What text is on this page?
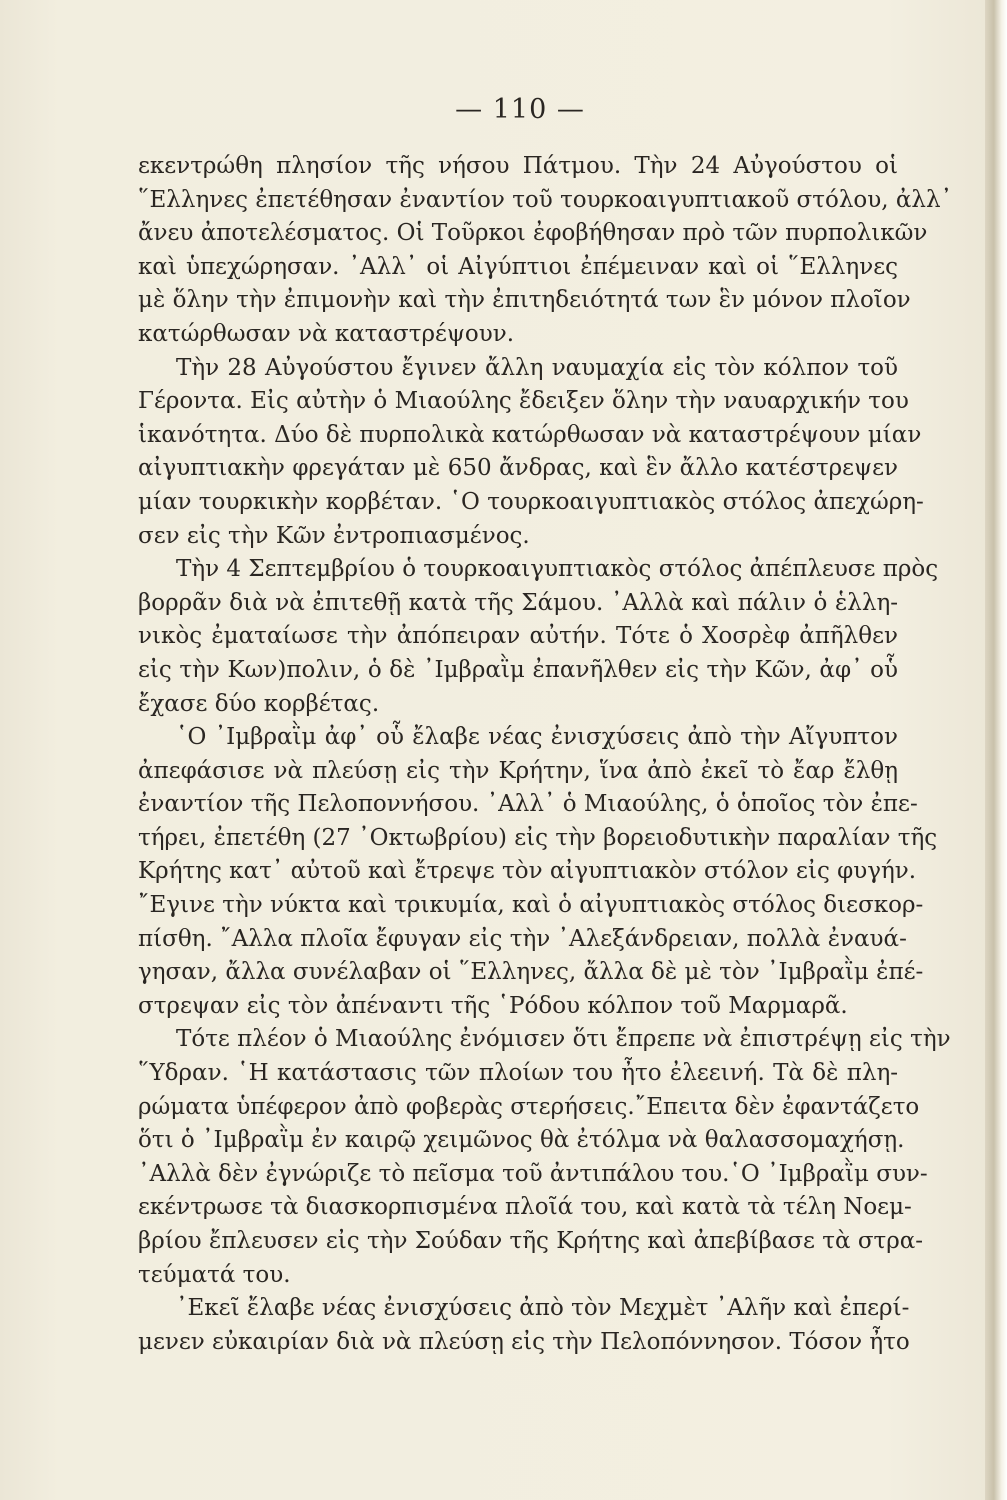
— 110 —
εκεντρώθη πλησίον τῆς νήσου Πάτμου. Τὴν 24 Αὐγούστου οἱ
῞Ελληνες ἐπετέθησαν ἐναντίον τοῦ τουρκοαιγυπτιακοῦ στόλου, ἀλλ᾽
ἄνευ ἀποτελέσματος. Οἱ Τοῦρκοι ἐφοβήθησαν πρὸ τῶν πυρπολικῶν
καὶ ὑπεχώρησαν. ᾽Αλλ᾽ οἱ Αἰγύπτιοι ἐπέμειναν καὶ οἱ ῞Ελληνες
μὲ ὅλην τὴν ἐπιμονὴν καὶ τὴν ἐπιτηδειότητά των ἓν μόνον πλοῖον
κατώρθωσαν νὰ καταστρέψουν.
Τὴν 28 Αὐγούστου ἔγινεν ἄλλη ναυμαχία εἰς τὸν κόλπον τοῦ
Γέροντα. Εἰς αὐτὴν ὁ Μιαούλης ἔδειξεν ὅλην τὴν ναυαρχικήν του
ἱκανότητα. Δύο δὲ πυρπολικὰ κατώρθωσαν νὰ καταστρέψουν μίαν
αἰγυπτιακὴν φρεγάταν μὲ 650 ἄνδρας, καὶ ἓν ἄλλο κατέστρεψεν
μίαν τουρκικὴν κορβέταν. ῾Ο τουρκοαιγυπτιακὸς στόλος ἀπεχώρη-
σεν εἰς τὴν Κῶν ἐντροπιασμένος.
Τὴν 4 Σεπτεμβρίου ὁ τουρκοαιγυπτιακὸς στόλος ἀπέπλευσε πρὸς
βορρᾶν διὰ νὰ ἐπιτεθῇ κατὰ τῆς Σάμου. ᾽Αλλὰ καὶ πάλιν ὁ ἑλλη-
νικὸς ἐματαίωσε τὴν ἀπόπειραν αὐτήν. Τότε ὁ Χοσρὲφ ἀπῆλθεν
εἰς τὴν Κων)πολιν, ὁ δὲ ᾽Ιμβραῒμ ἐπανῆλθεν εἰς τὴν Κῶν, ἀφ᾽ οὗ
ἔχασε δύο κορβέτας.
῾Ο ᾽Ιμβραῒμ ἀφ᾽ οὗ ἔλαβε νέας ἐνισχύσεις ἀπὸ τὴν Αἴγυπτον
ἀπεφάσισε νὰ πλεύσῃ εἰς τὴν Κρήτην, ἵνα ἀπὸ ἐκεῖ τὸ ἔαρ ἔλθῃ
ἐναντίον τῆς Πελοποννήσου. ᾽Αλλ᾽ ὁ Μιαούλης, ὁ ὁποῖος τὸν ἐπε-
τήρει, ἐπετέθη (27 ᾽Οκτωβρίου) εἰς τὴν βορειοδυτικὴν παραλίαν τῆς
Κρήτης κατ᾽ αὐτοῦ καὶ ἔτρεψε τὸν αἰγυπτιακὸν στόλον εἰς φυγήν.
῎Εγινε τὴν νύκτα καὶ τρικυμία, καὶ ὁ αἰγυπτιακὸς στόλος διεσκορ-
πίσθη. ῎Αλλα πλοῖα ἔφυγαν εἰς τὴν ᾽Αλεξάνδρειαν, πολλὰ ἐναυά-
γησαν, ἄλλα συνέλαβαν οἱ ῞Ελληνες, ἄλλα δὲ μὲ τὸν ᾽Ιμβραῒμ ἐπέ-
στρεψαν εἰς τὸν ἀπέναντι τῆς ῾Ρόδου κόλπον τοῦ Μαρμαρᾶ.
Τότε πλέον ὁ Μιαούλης ἐνόμισεν ὅτι ἔπρεπε νὰ ἐπιστρέψῃ εἰς τὴν
῞Υδραν. ῾Η κατάστασις τῶν πλοίων του ἦτο ἐλεεινή. Τὰ δὲ πλη-
ρώματα ὑπέφερον ἀπὸ φοβερὰς στερήσεις.῎Επειτα δὲν ἐφαντάζετο
ὅτι ὁ ᾽Ιμβραῒμ ἐν καιρῷ χειμῶνος θὰ ἐτόλμα νὰ θαλασσομαχήσῃ.
᾽Αλλὰ δὲν ἐγνώριζε τὸ πεῖσμα τοῦ ἀντιπάλου του.῾Ο ᾽Ιμβραῒμ συν-
εκέντρωσε τὰ διασκορπισμένα πλοῖά του, καὶ κατὰ τὰ τέλη Νοεμ-
βρίου ἔπλευσεν εἰς τὴν Σούδαν τῆς Κρήτης καὶ ἀπεβίβασε τὰ στρα-
τεύματά του.
᾽Εκεῖ ἔλαβε νέας ἐνισχύσεις ἀπὸ τὸν Μεχμὲτ ᾽Αλῆν καὶ ἐπερί-
μενεν εὐκαιρίαν διὰ νὰ πλεύσῃ εἰς τὴν Πελοπόννησον. Τόσον ἦτο
